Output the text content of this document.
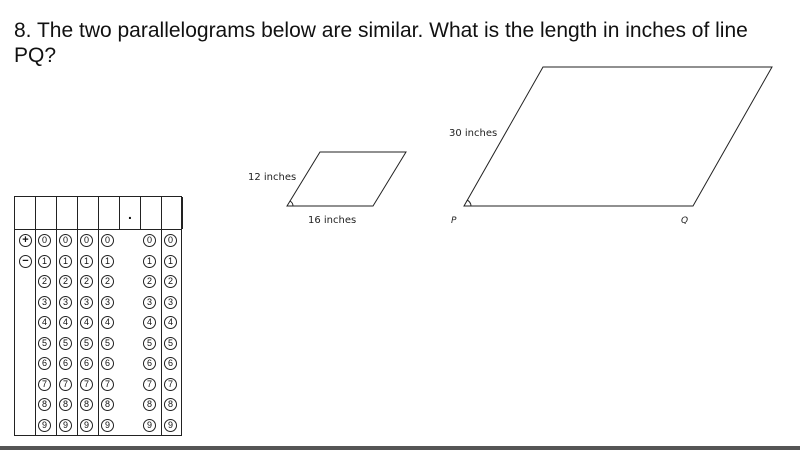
8. The two parallelograms below are similar. What is the length in inches of line PQ?

12 inches
16 inches
30 inches
P	Q
.
+
−
0
1
2
3
4
5
6
7
8
9
0
1
2
3
4
5
6
7
8
9
0
1
2
3
4
5
6
7
8
9
0
1
2
3
4
5
6
7
8
9
0
1
2
3
4
5
6
7
8
9
0
1
2
3
4
5
6
7
8
9
